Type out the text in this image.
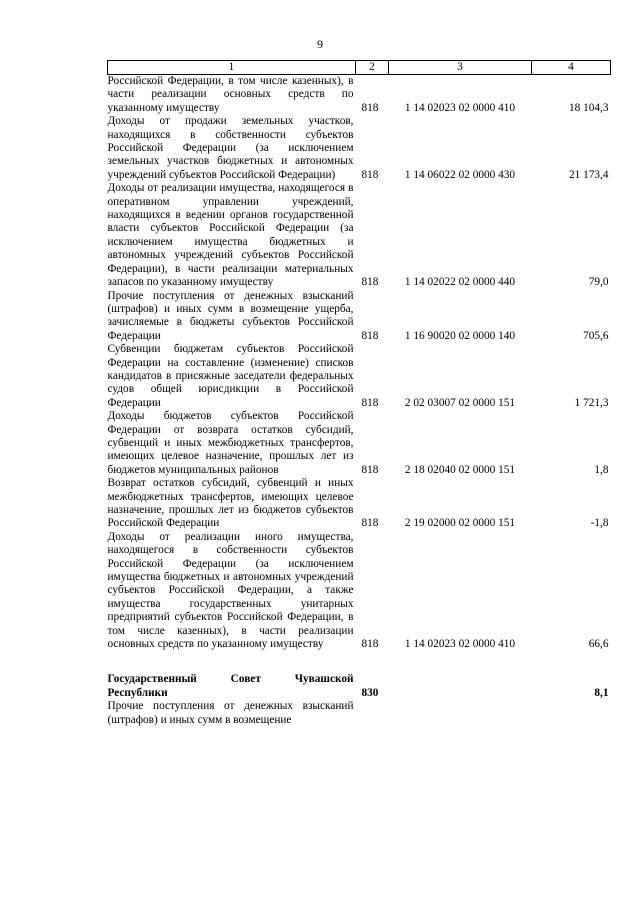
9
1	2	3	4
Российской Федерации, в том числе казенных), в части реализации основных средств по указанному имуществу	818	1 14 02023 02 0000 410	18 104,3
Доходы от продажи земельных участков, находящихся в собственности субъектов Российской Федерации (за исключением земельных участков бюджетных и автономных учреждений субъектов Российской Федерации)	818	1 14 06022 02 0000 430	21 173,4
Доходы от реализации имущества, находящегося в оперативном управлении учреждений, находящихся в ведении органов государственной власти субъектов Российской Федерации (за исключением имущества бюджетных и автономных учреждений субъектов Российской Федерации), в части реализации материальных запасов по указанному имуществу	818	1 14 02022 02 0000 440	79,0
Прочие поступления от денежных взысканий (штрафов) и иных сумм в возмещение ущерба, зачисляемые в бюджеты субъектов Российской Федерации	818	1 16 90020 02 0000 140	705,6
Субвенции бюджетам субъектов Российской Федерации на составление (изменение) списков кандидатов в присяжные заседатели федеральных судов общей юрисдикции в Российской Федерации	818	2 02 03007 02 0000 151	1 721,3
Доходы бюджетов субъектов Российской Федерации от возврата остатков субсидий, субвенций и иных межбюджетных трансфертов, имеющих целевое назначение, прошлых лет из бюджетов муниципальных районов	818	2 18 02040 02 0000 151	1,8
Возврат остатков субсидий, субвенций и иных межбюджетных трансфертов, имеющих целевое назначение, прошлых лет из бюджетов субъектов Российской Федерации	818	2 19 02000 02 0000 151	-1,8
Доходы от реализации иного имущества, находящегося в собственности субъектов Российской Федерации (за исключением имущества бюджетных и автономных учреждений субъектов Российской Федерации, а также имущества государственных унитарных предприятий субъектов Российской Федерации, в том числе казенных), в части реализации основных средств по указанному имуществу	818	1 14 02023 02 0000 410	66,6

Государственный Совет Чувашской Республики	830		8,1
Прочие поступления от денежных взысканий (штрафов) и иных сумм в возмещение			
